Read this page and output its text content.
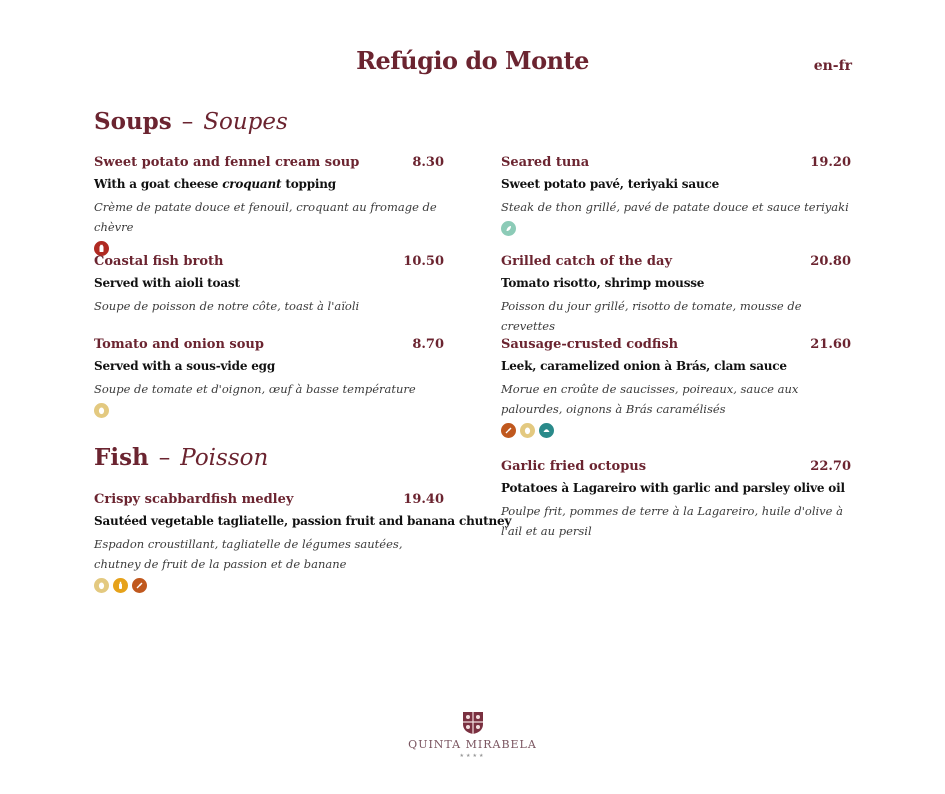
Refúgio do Monte	en-fr
Soups – Soupes
Sweet potato and fennel cream soup	8.30
With a goat cheese croquant topping
Crème de patate douce et fenouil, croquant au fromage de chèvre
Coastal fish broth	10.50
Served with aioli toast
Soupe de poisson de notre côte, toast à l'aïoli
Tomato and onion soup	8.70
Served with a sous-vide egg
Soupe de tomate et d'oignon, œuf à basse température
Fish – Poisson
Crispy scabbardfish medley	19.40
Sautéed vegetable tagliatelle, passion fruit and banana chutney
Espadon croustillant, tagliatelle de légumes sautées, chutney de fruit de la passion et de banane
Seared tuna	19.20
Sweet potato pavé, teriyaki sauce
Steak de thon grillé, pavé de patate douce et sauce teriyaki
Grilled catch of the day	20.80
Tomato risotto, shrimp mousse
Poisson du jour grillé, risotto de tomate, mousse de crevettes
Sausage-crusted codfish	21.60
Leek, caramelized onion à Brás, clam sauce
Morue en croûte de saucisses, poireaux, sauce aux palourdes, oignons à Brás caramélisés
Garlic fried octopus	22.70
Potatoes à Lagareiro with garlic and parsley olive oil
Poulpe frit, pommes de terre à la Lagareiro, huile d'olive à l'ail et au persil
QUINTA MIRABELA
★★★★
